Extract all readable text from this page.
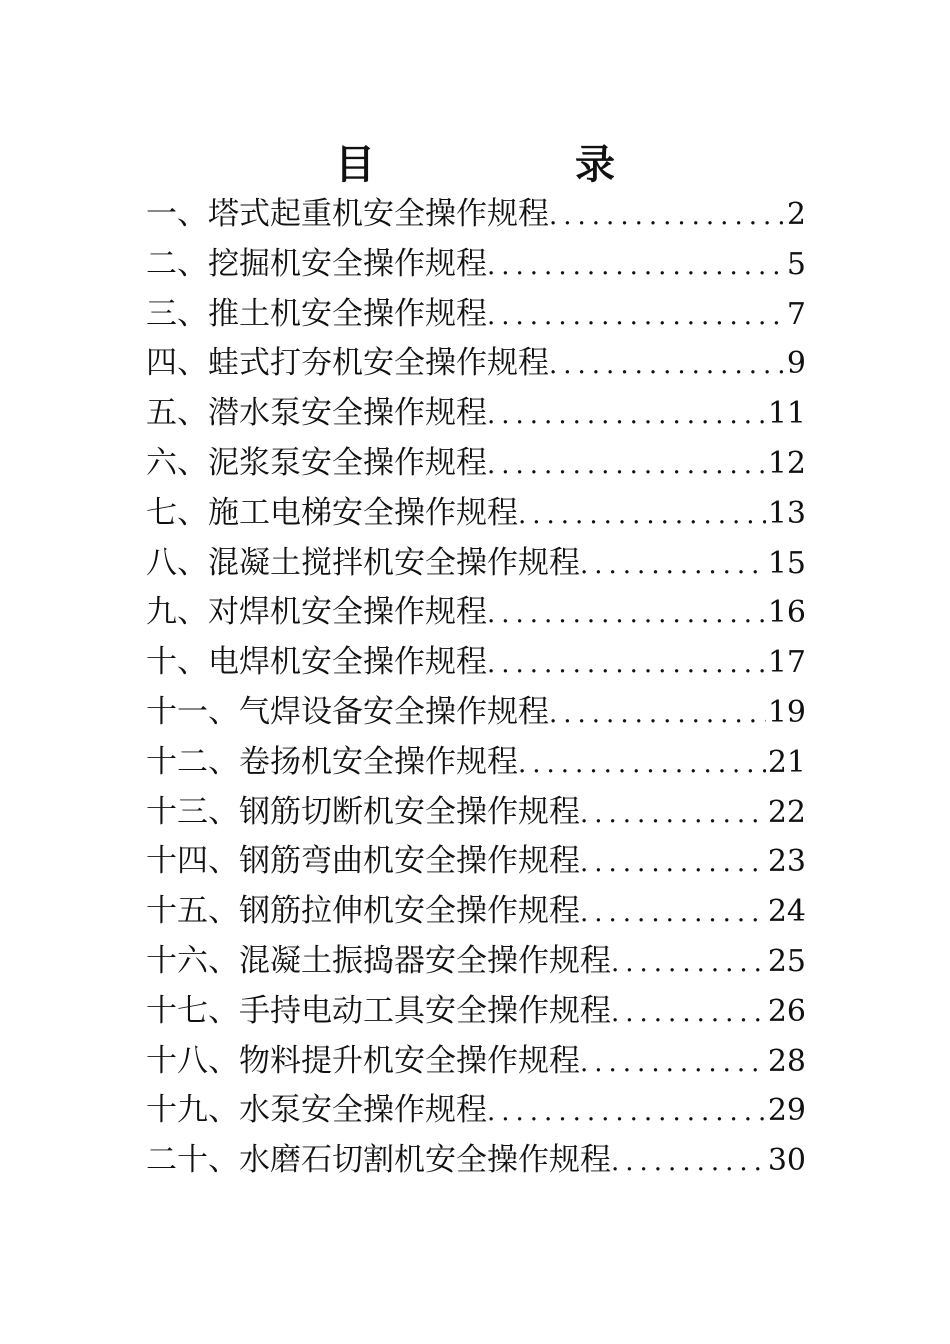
目　录
一、塔式起重机安全操作规程 .....	2
二、挖掘机安全操作规程 .....	5
三、推土机安全操作规程 .....	7
四、蛙式打夯机安全操作规程 .....	9
五、潜水泵安全操作规程 .....	11
六、泥浆泵安全操作规程 .....	12
七、施工电梯安全操作规程 .....	13
八、混凝土搅拌机安全操作规程 .....	15
九、对焊机安全操作规程 .....	16
十、电焊机安全操作规程 .....	17
十一、气焊设备安全操作规程 .....	19
十二、卷扬机安全操作规程 .....	21
十三、钢筋切断机安全操作规程 .....	22
十四、钢筋弯曲机安全操作规程 .....	23
十五、钢筋拉伸机安全操作规程 .....	24
十六、混凝土振捣器安全操作规程 .....	25
十七、手持电动工具安全操作规程 .....	26
十八、物料提升机安全操作规程 .....	28
十九、水泵安全操作规程 .....	29
二十、水磨石切割机安全操作规程 .....	30
